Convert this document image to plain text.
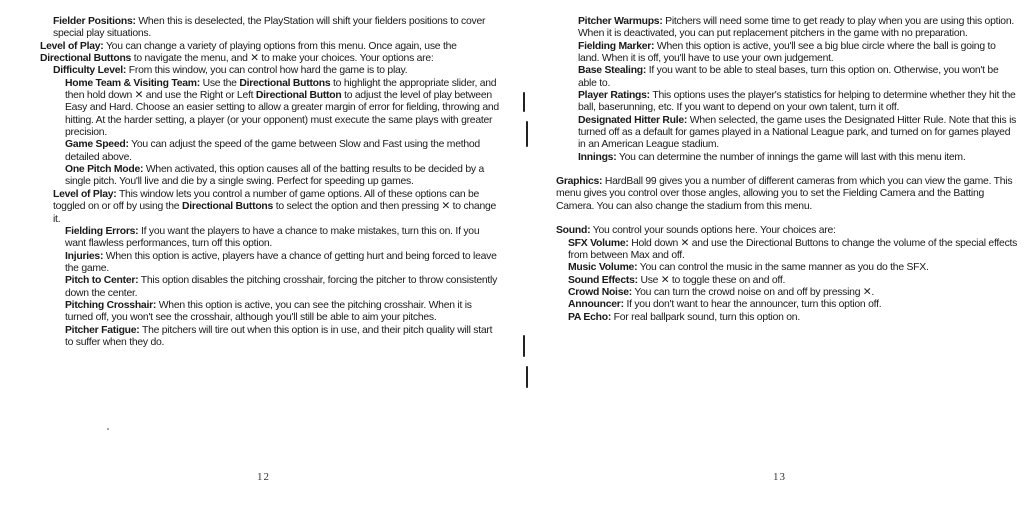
Fielder Positions: When this is deselected, the PlayStation will shift your fielders positions to cover special play situations.

Level of Play: You can change a variety of playing options from this menu. Once again, use the Directional Buttons to navigate the menu, and ✕ to make your choices. Your options are:

Difficulty Level: From this window, you can control how hard the game is to play.

Home Team & Visiting Team: Use the Directional Buttons to highlight the appropriate slider, and then hold down ✕ and use the Right or Left Directional Button to adjust the level of play between Easy and Hard. Choose an easier setting to allow a greater margin of error for fielding, throwing and hitting. At the harder setting, a player (or your opponent) must execute the same plays with greater precision.

Game Speed: You can adjust the speed of the game between Slow and Fast using the method detailed above.

One Pitch Mode: When activated, this option causes all of the batting results to be decided by a single pitch. You'll live and die by a single swing. Perfect for speeding up games.

Level of Play: This window lets you control a number of game options. All of these options can be toggled on or off by using the Directional Buttons to select the option and then pressing ✕ to change it.

Fielding Errors: If you want the players to have a chance to make mistakes, turn this on. If you want flawless performances, turn off this option.

Injuries: When this option is active, players have a chance of getting hurt and being forced to leave the game.

Pitch to Center: This option disables the pitching crosshair, forcing the pitcher to throw consistently down the center.

Pitching Crosshair: When this option is active, you can see the pitching crosshair. When it is turned off, you won't see the crosshair, although you'll still be able to aim your pitches.

Pitcher Fatigue: The pitchers will tire out when this option is in use, and their pitch quality will start to suffer when they do.

12

Pitcher Warmups: Pitchers will need some time to get ready to play when you are using this option. When it is deactivated, you can put replacement pitchers in the game with no preparation.

Fielding Marker: When this option is active, you'll see a big blue circle where the ball is going to land. When it is off, you'll have to use your own judgement.

Base Stealing: If you want to be able to steal bases, turn this option on. Otherwise, you won't be able to.

Player Ratings: This options uses the player's statistics for helping to determine whether they hit the ball, baserunning, etc. If you want to depend on your own talent, turn it off.

Designated Hitter Rule: When selected, the game uses the Designated Hitter Rule. Note that this is turned off as a default for games played in a National League park, and turned on for games played in an American League stadium.

Innings: You can determine the number of innings the game will last with this menu item.

Graphics: HardBall 99 gives you a number of different cameras from which you can view the game. This menu gives you control over those angles, allowing you to set the Fielding Camera and the Batting Camera. You can also change the stadium from this menu.

Sound: You control your sounds options here. Your choices are:

SFX Volume: Hold down ✕ and use the Directional Buttons to change the volume of the special effects from between Max and off.

Music Volume: You can control the music in the same manner as you do the SFX.

Sound Effects: Use ✕ to toggle these on and off.

Crowd Noise: You can turn the crowd noise on and off by pressing ✕.

Announcer: If you don't want to hear the announcer, turn this option off.

PA Echo: For real ballpark sound, turn this option on.

13
